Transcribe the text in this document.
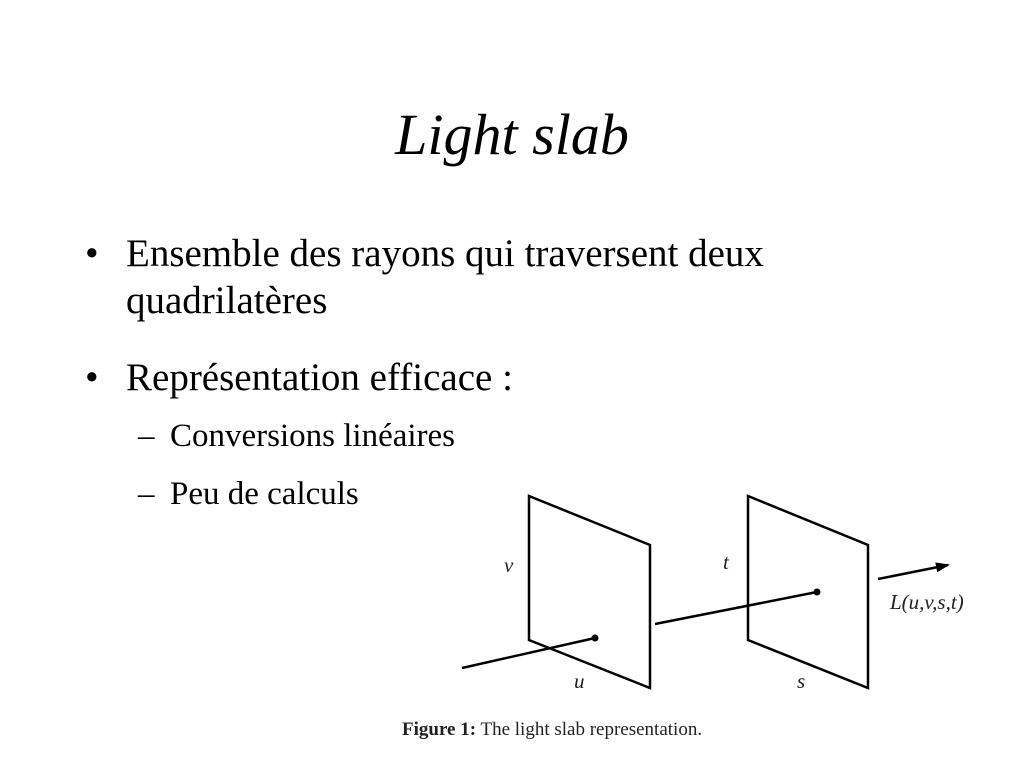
Light slab
• Ensemble des rayons qui traversent deux quadrilatères
• Représentation efficace :
– Conversions linéaires
– Peu de calculs
v
u
t
s
L(u,v,s,t)
Figure 1: The light slab representation.
